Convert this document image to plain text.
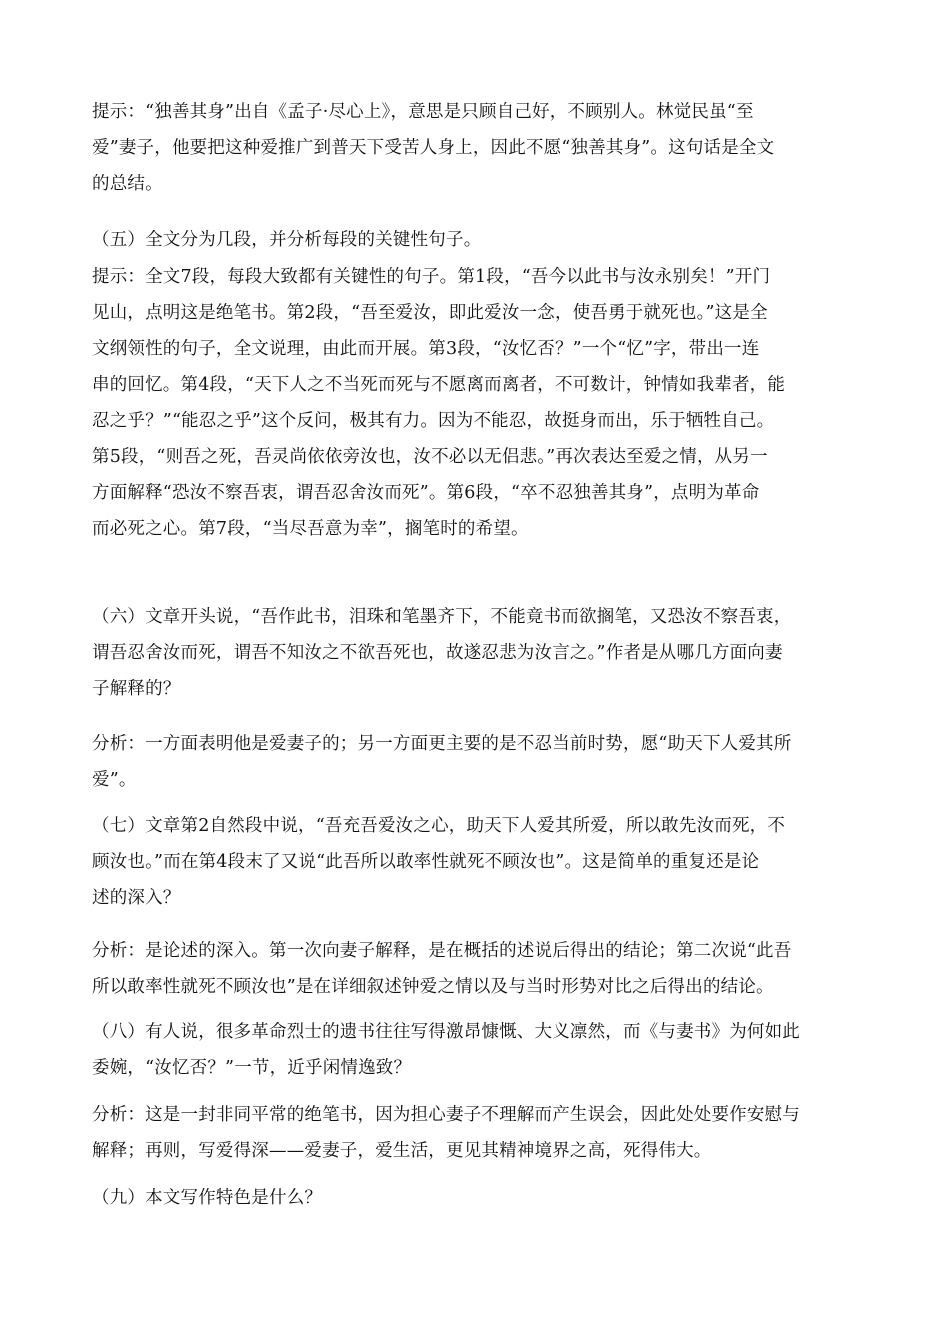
提示：“独善其身”出自《孟子·尽心上》，意思是只顾自己好，不顾别人。林觉民虽“至
爱”妻子，他要把这种爱推广到普天下受苦人身上，因此不愿“独善其身”。这句话是全文
的总结。
（五）全文分为几段，并分析每段的关键性句子。
提示：全文7段，每段大致都有关键性的句子。第1段，“吾今以此书与汝永别矣！”开门
见山，点明这是绝笔书。第2段，“吾至爱汝，即此爱汝一念，使吾勇于就死也。”这是全
文纲领性的句子，全文说理，由此而开展。第3段，“汝忆否？”一个“忆”字，带出一连
串的回忆。第4段，“天下人之不当死而死与不愿离而离者，不可数计，钟情如我辈者，能
忍之乎？”“能忍之乎”这个反问，极其有力。因为不能忍，故挺身而出，乐于牺牲自己。
第5段，“则吾之死，吾灵尚依依旁汝也，汝不必以无侣悲。”再次表达至爱之情，从另一
方面解释“恐汝不察吾衷，谓吾忍舍汝而死”。第6段，“卒不忍独善其身”，点明为革命
而必死之心。第7段，“当尽吾意为幸”，搁笔时的希望。
（六）文章开头说，“吾作此书，泪珠和笔墨齐下，不能竟书而欲搁笔，又恐汝不察吾衷，
谓吾忍舍汝而死，谓吾不知汝之不欲吾死也，故遂忍悲为汝言之。”作者是从哪几方面向妻
子解释的？
分析：一方面表明他是爱妻子的；另一方面更主要的是不忍当前时势，愿“助天下人爱其所
爱”。
（七）文章第2自然段中说，“吾充吾爱汝之心，助天下人爱其所爱，所以敢先汝而死，不
顾汝也。”而在第4段末了又说“此吾所以敢率性就死不顾汝也”。这是简单的重复还是论
述的深入？
分析：是论述的深入。第一次向妻子解释，是在概括的述说后得出的结论；第二次说“此吾
所以敢率性就死不顾汝也”是在详细叙述钟爱之情以及与当时形势对比之后得出的结论。
（八）有人说，很多革命烈士的遗书往往写得激昂慷慨、大义凛然，而《与妻书》为何如此
委婉，“汝忆否？”一节，近乎闲情逸致？
分析：这是一封非同平常的绝笔书，因为担心妻子不理解而产生误会，因此处处要作安慰与
解释；再则，写爱得深——爱妻子，爱生活，更见其精神境界之高，死得伟大。
（九）本文写作特色是什么？
